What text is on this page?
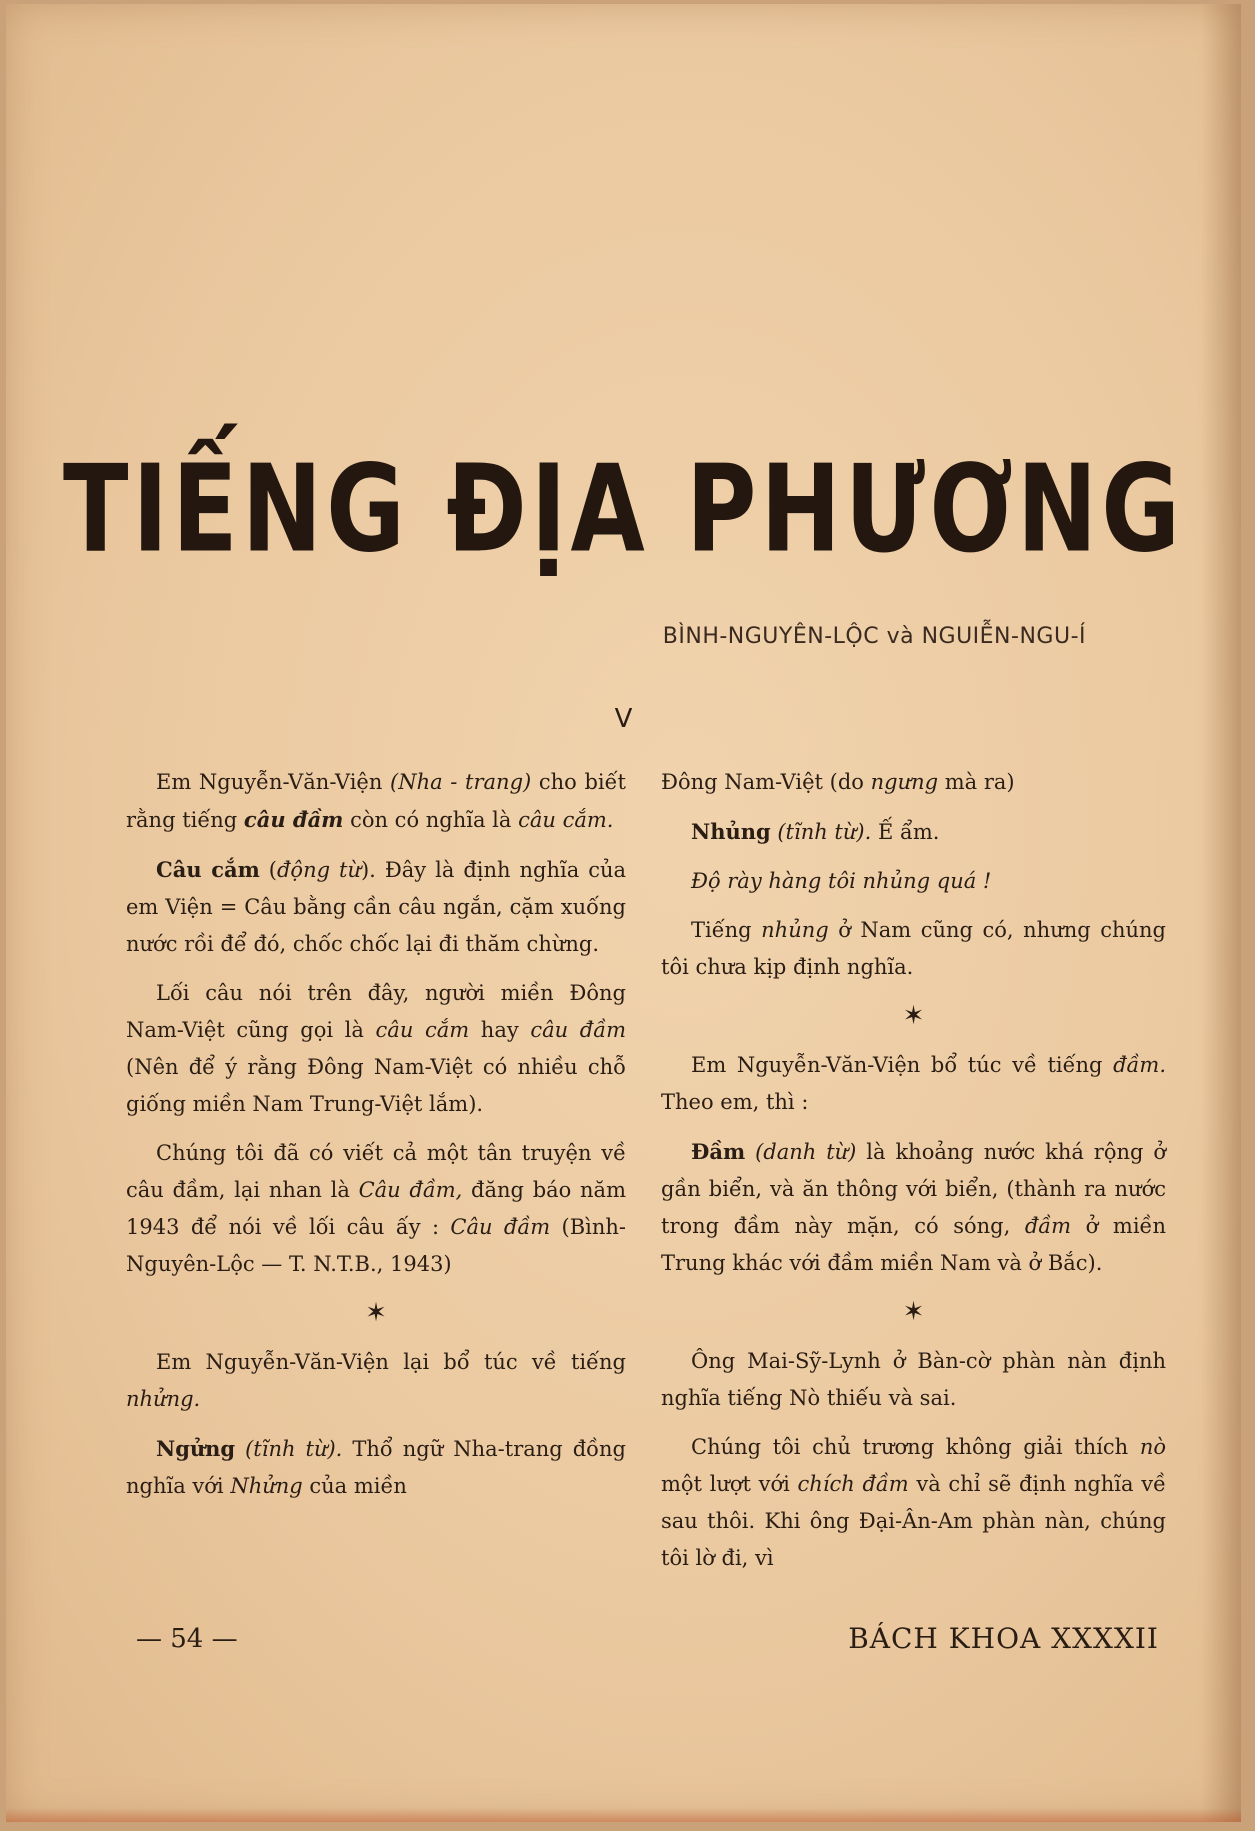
TIẾNG ĐỊA PHƯƠNG
BÌNH-NGUYÊN-LỘC và NGUIỄN-NGU-Í
V

Em Nguyễn-Văn-Viện (Nha - trang) cho biết rằng tiếng câu đầm còn có nghĩa là câu cắm.

Câu cắm (động từ). Đây là định nghĩa của em Viện = Câu bằng cần câu ngắn, cặm xuống nước rồi để đó, chốc chốc lại đi thăm chừng.

Lối câu nói trên đây, người miền Đông Nam-Việt cũng gọi là câu cắm hay câu đầm (Nên để ý rằng Đông Nam-Việt có nhiều chỗ giống miền Nam Trung-Việt lắm).

Chúng tôi đã có viết cả một tân truyện về câu đầm, lại nhan là Câu đầm, đăng báo năm 1943 để nói về lối câu ấy : Câu đầm (Bình-Nguyên-Lộc — T. N.T.B., 1943)

✶

Em Nguyễn-Văn-Viện lại bổ túc về tiếng nhửng.

Ngửng (tĩnh từ). Thổ ngữ Nha-trang đồng nghĩa với Nhửng của miền

Đông Nam-Việt (do ngưng mà ra)

Nhủng (tĩnh từ). Ế ẩm.

Độ rày hàng tôi nhủng quá !

Tiếng nhủng ở Nam cũng có, nhưng chúng tôi chưa kịp định nghĩa.

✶

Em Nguyễn-Văn-Viện bổ túc về tiếng đầm. Theo em, thì :

Đầm (danh từ) là khoảng nước khá rộng ở gần biển, và ăn thông với biển, (thành ra nước trong đầm này mặn, có sóng, đầm ở miền Trung khác với đầm miền Nam và ở Bắc).

✶

Ông Mai-Sỹ-Lynh ở Bàn-cờ phàn nàn định nghĩa tiếng Nò thiếu và sai.

Chúng tôi chủ trương không giải thích nò một lượt với chích đầm và chỉ sẽ định nghĩa về sau thôi. Khi ông Đại-Ân-Am phàn nàn, chúng tôi lờ đi, vì

— 54 —	BÁCH KHOA XXXXII
